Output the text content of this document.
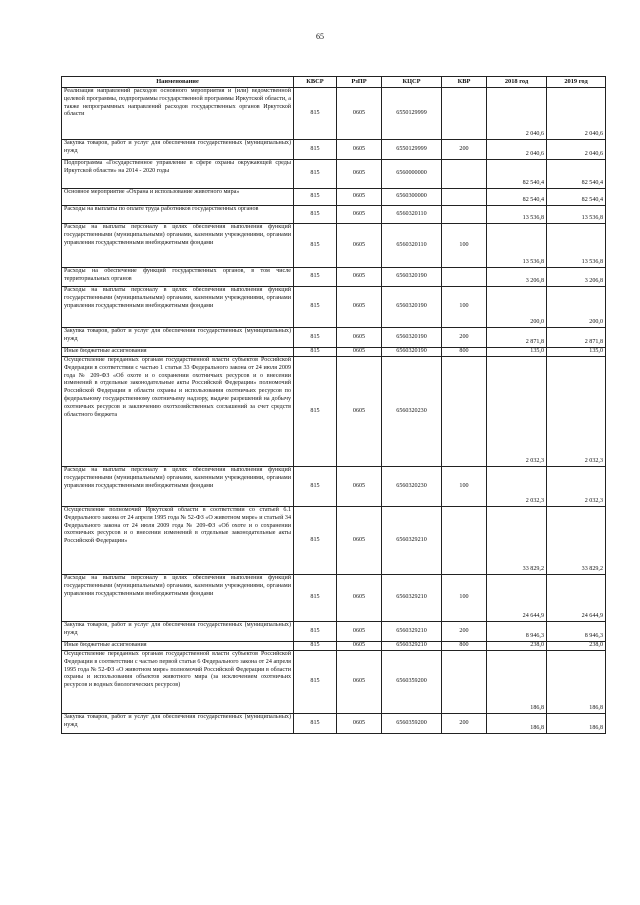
65
Наименование	КВСР	РзПР	КЦСР	КВР	2018 год	2019 год
Реализация направлений расходов основного мероприятия и (или) ведомственной целевой программы, подпрограммы государственной программы Иркутской области, а также непрограммных направлений расходов государственных органов Иркутской области	815	0605	6550129999		2 040,6	2 040,6
Закупка товаров, работ и услуг для обеспечения государственных (муниципальных) нужд	815	0605	6550129999	200	2 040,6	2 040,6
Подпрограмма «Государственное управление в сфере охраны окружающей среды Иркутской области» на 2014 - 2020 годы	815	0605	6560000000		82 540,4	82 540,4
Основное мероприятие «Охрана и использование животного мира»	815	0605	6560300000		82 540,4	82 540,4
Расходы на выплаты по оплате труда работников государственных органов	815	0605	6560320110		13 536,8	13 536,8
Расходы на выплаты персоналу в целях обеспечения выполнения функций государственными (муниципальными) органами, казенными учреждениями, органами управления государственными внебюджетными фондами	815	0605	6560320110	100	13 536,8	13 536,8
Расходы на обеспечение функций государственных органов, в том числе территориальных органов	815	0605	6560320190		3 206,8	3 206,8
Расходы на выплаты персоналу в целях обеспечения выполнения функций государственными (муниципальными) органами, казенными учреждениями, органами управления государственными внебюджетными фондами	815	0605	6560320190	100	200,0	200,0
Закупка товаров, работ и услуг для обеспечения государственных (муниципальных) нужд	815	0605	6560320190	200	2 871,8	2 871,8
Иные бюджетные ассигнования	815	0605	6560320190	800	135,0	135,0
Осуществление переданных органам государственной власти субъектов Российской Федерации в соответствии с частью 1 статьи 33 Федерального закона от 24 июля 2009 года № 209-ФЗ «Об охоте и о сохранении охотничьих ресурсов и о внесении изменений в отдельные законодательные акты Российской Федерации» полномочий Российской Федерации в области охраны и использования охотничьих ресурсов по федеральному государственному охотничьему надзору, выдаче разрешений на добычу охотничьих ресурсов и заключению охотхозяйственных соглашений за счет средств областного бюджета	815	0605	6560320230		2 032,3	2 032,3
Расходы на выплаты персоналу в целях обеспечения выполнения функций государственными (муниципальными) органами, казенными учреждениями, органами управления государственными внебюджетными фондами	815	0605	6560320230	100	2 032,3	2 032,3
Осуществление полномочий Иркутской области в соответствии со статьей 6.1 Федерального закона от 24 апреля 1995 года № 52-ФЗ «О животном мире» и статьей 34 Федерального закона от 24 июля 2009 года № 209-ФЗ «Об охоте и о сохранении охотничьих ресурсов и о внесении изменений в отдельные законодательные акты Российской Федерации»	815	0605	6560329210		33 829,2	33 829,2
Расходы на выплаты персоналу в целях обеспечения выполнения функций государственными (муниципальными) органами, казенными учреждениями, органами управления государственными внебюджетными фондами	815	0605	6560329210	100	24 644,9	24 644,9
Закупка товаров, работ и услуг для обеспечения государственных (муниципальных) нужд	815	0605	6560329210	200	8 946,3	8 946,3
Иные бюджетные ассигнования	815	0605	6560329210	800	238,0	238,0
Осуществление переданных органам государственной власти субъектов Российской Федерации в соответствии с частью первой статьи 6 Федерального закона от 24 апреля 1995 года № 52-ФЗ «О животном мире» полномочий Российской Федерации в области охраны и использования объектов животного мира (за исключением охотничьих ресурсов и водных биологических ресурсов)	815	0605	6560359200		186,8	186,8
Закупка товаров, работ и услуг для обеспечения государственных (муниципальных) нужд	815	0605	6560359200	200	186,8	186,8
